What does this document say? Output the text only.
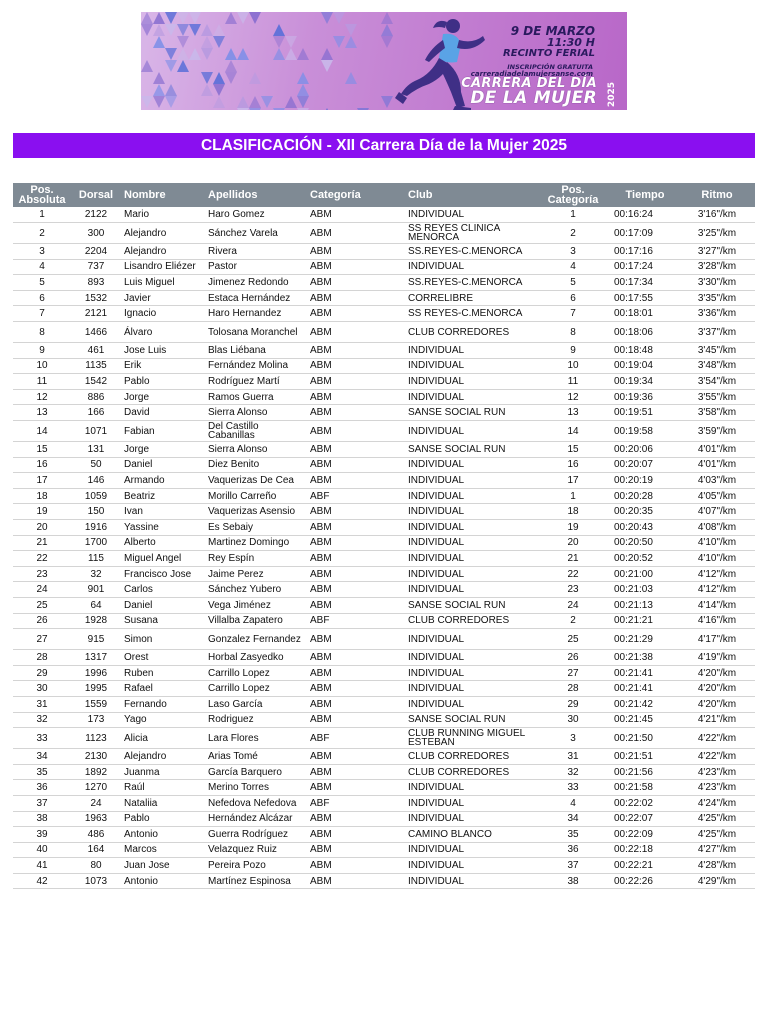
9 DE MARZO
11:30 H
RECINTO FERIAL
INSCRIPCIÓN GRATUITA
carreradiadelamujersanse.com
CARRERA DEL DÍA
DE LA MUJER 2025
CLASIFICACIÓN - XII Carrera Día de la Mujer 2025
Pos. Absoluta	Dorsal	Nombre	Apellidos	Categoría	Club	Pos. Categoría	Tiempo	Ritmo
1	2122	Mario	Haro Gomez	ABM	INDIVIDUAL	1	00:16:24	3'16"/km
2	300	Alejandro	Sánchez Varela	ABM	SS REYES CLINICA MENORCA	2	00:17:09	3'25"/km
3	2204	Alejandro	Rivera	ABM	SS.REYES-C.MENORCA	3	00:17:16	3'27"/km
4	737	Lisandro Eliézer	Pastor	ABM	INDIVIDUAL	4	00:17:24	3'28"/km
5	893	Luis Miguel	Jimenez Redondo	ABM	SS.REYES-C.MENORCA	5	00:17:34	3'30"/km
6	1532	Javier	Estaca Hernández	ABM	CORRELIBRE	6	00:17:55	3'35"/km
7	2121	Ignacio	Haro Hernandez	ABM	SS REYES-C.MENORCA	7	00:18:01	3'36"/km
8	1466	Álvaro	Tolosana Moranchel	ABM	CLUB CORREDORES	8	00:18:06	3'37"/km
9	461	Jose Luis	Blas Liébana	ABM	INDIVIDUAL	9	00:18:48	3'45"/km
10	1135	Erik	Fernández Molina	ABM	INDIVIDUAL	10	00:19:04	3'48"/km
11	1542	Pablo	Rodríguez Martí	ABM	INDIVIDUAL	11	00:19:34	3'54"/km
12	886	Jorge	Ramos Guerra	ABM	INDIVIDUAL	12	00:19:36	3'55"/km
13	166	David	Sierra Alonso	ABM	SANSE SOCIAL RUN	13	00:19:51	3'58"/km
14	1071	Fabian	Del Castillo Cabanillas	ABM	INDIVIDUAL	14	00:19:58	3'59"/km
15	131	Jorge	Sierra Alonso	ABM	SANSE SOCIAL RUN	15	00:20:06	4'01"/km
16	50	Daniel	Diez Benito	ABM	INDIVIDUAL	16	00:20:07	4'01"/km
17	146	Armando	Vaquerizas De Cea	ABM	INDIVIDUAL	17	00:20:19	4'03"/km
18	1059	Beatriz	Morillo Carreño	ABF	INDIVIDUAL	1	00:20:28	4'05"/km
19	150	Ivan	Vaquerizas Asensio	ABM	INDIVIDUAL	18	00:20:35	4'07"/km
20	1916	Yassine	Es Sebaiy	ABM	INDIVIDUAL	19	00:20:43	4'08"/km
21	1700	Alberto	Martinez Domingo	ABM	INDIVIDUAL	20	00:20:50	4'10"/km
22	115	Miguel Angel	Rey Espín	ABM	INDIVIDUAL	21	00:20:52	4'10"/km
23	32	Francisco Jose	Jaime Perez	ABM	INDIVIDUAL	22	00:21:00	4'12"/km
24	901	Carlos	Sánchez Yubero	ABM	INDIVIDUAL	23	00:21:03	4'12"/km
25	64	Daniel	Vega Jiménez	ABM	SANSE SOCIAL RUN	24	00:21:13	4'14"/km
26	1928	Susana	Villalba Zapatero	ABF	CLUB CORREDORES	2	00:21:21	4'16"/km
27	915	Simon	Gonzalez Fernandez	ABM	INDIVIDUAL	25	00:21:29	4'17"/km
28	1317	Orest	Horbal Zasyedko	ABM	INDIVIDUAL	26	00:21:38	4'19"/km
29	1996	Ruben	Carrillo Lopez	ABM	INDIVIDUAL	27	00:21:41	4'20"/km
30	1995	Rafael	Carrillo Lopez	ABM	INDIVIDUAL	28	00:21:41	4'20"/km
31	1559	Fernando	Laso García	ABM	INDIVIDUAL	29	00:21:42	4'20"/km
32	173	Yago	Rodriguez	ABM	SANSE SOCIAL RUN	30	00:21:45	4'21"/km
33	1123	Alicia	Lara Flores	ABF	CLUB RUNNING MIGUEL ESTEBAN	3	00:21:50	4'22"/km
34	2130	Alejandro	Arias Tomé	ABM	CLUB CORREDORES	31	00:21:51	4'22"/km
35	1892	Juanma	García Barquero	ABM	CLUB CORREDORES	32	00:21:56	4'23"/km
36	1270	Raúl	Merino Torres	ABM	INDIVIDUAL	33	00:21:58	4'23"/km
37	24	Nataliia	Nefedova Nefedova	ABF	INDIVIDUAL	4	00:22:02	4'24"/km
38	1963	Pablo	Hernández Alcázar	ABM	INDIVIDUAL	34	00:22:07	4'25"/km
39	486	Antonio	Guerra Rodríguez	ABM	CAMINO BLANCO	35	00:22:09	4'25"/km
40	164	Marcos	Velazquez Ruiz	ABM	INDIVIDUAL	36	00:22:18	4'27"/km
41	80	Juan Jose	Pereira Pozo	ABM	INDIVIDUAL	37	00:22:21	4'28"/km
42	1073	Antonio	Martínez Espinosa	ABM	INDIVIDUAL	38	00:22:26	4'29"/km
